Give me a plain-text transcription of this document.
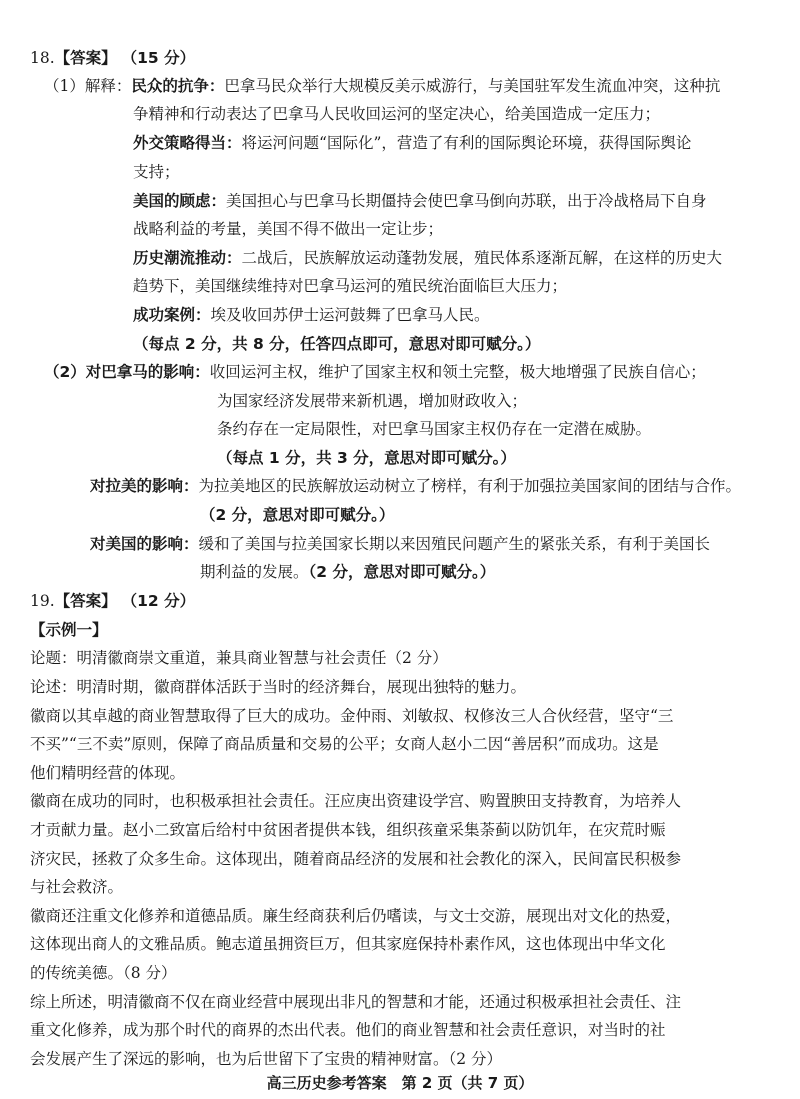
18.【答案】 （15 分）
（1）解释：民众的抗争：巴拿马民众举行大规模反美示威游行，与美国驻军发生流血冲突，这种抗
争精神和行动表达了巴拿马人民收回运河的坚定决心，给美国造成一定压力；
外交策略得当：将运河问题“国际化”，营造了有利的国际舆论环境，获得国际舆论
支持；
美国的顾虑：美国担心与巴拿马长期僵持会使巴拿马倒向苏联，出于冷战格局下自身
战略利益的考量，美国不得不做出一定让步；
历史潮流推动：二战后，民族解放运动蓬勃发展，殖民体系逐渐瓦解，在这样的历史大
趋势下，美国继续维持对巴拿马运河的殖民统治面临巨大压力；
成功案例：埃及收回苏伊士运河鼓舞了巴拿马人民。
（每点 2 分，共 8 分，任答四点即可，意思对即可赋分。）
（2）对巴拿马的影响：收回运河主权，维护了国家主权和领土完整，极大地增强了民族自信心；
为国家经济发展带来新机遇，增加财政收入；
条约存在一定局限性，对巴拿马国家主权仍存在一定潜在威胁。
（每点 1 分，共 3 分，意思对即可赋分。）
对拉美的影响：为拉美地区的民族解放运动树立了榜样，有利于加强拉美国家间的团结与合作。
（2 分，意思对即可赋分。）
对美国的影响：缓和了美国与拉美国家长期以来因殖民问题产生的紧张关系，有利于美国长
期利益的发展。（2 分，意思对即可赋分。）
19.【答案】 （12 分）
【示例一】
论题：明清徽商崇文重道，兼具商业智慧与社会责任（2 分）
论述：明清时期，徽商群体活跃于当时的经济舞台，展现出独特的魅力。
徽商以其卓越的商业智慧取得了巨大的成功。金仲雨、刘敏叔、权修汝三人合伙经营，坚守“三
不买”“三不卖”原则，保障了商品质量和交易的公平；女商人赵小二因“善居积”而成功。这是
他们精明经营的体现。
徽商在成功的同时，也积极承担社会责任。汪应庚出资建设学宫、购置腴田支持教育，为培养人
才贡献力量。赵小二致富后给村中贫困者提供本钱，组织孩童采集荼蓟以防饥年，在灾荒时赈
济灾民，拯救了众多生命。这体现出，随着商品经济的发展和社会教化的深入，民间富民积极参
与社会救济。
徽商还注重文化修养和道德品质。廉生经商获利后仍嗜读，与文士交游，展现出对文化的热爱，
这体现出商人的文雅品质。鲍志道虽拥资巨万，但其家庭保持朴素作风，这也体现出中华文化
的传统美德。（8 分）
综上所述，明清徽商不仅在商业经营中展现出非凡的智慧和才能，还通过积极承担社会责任、注
重文化修养，成为那个时代的商界的杰出代表。他们的商业智慧和社会责任意识，对当时的社
会发展产生了深远的影响，也为后世留下了宝贵的精神财富。（2 分）
高三历史参考答案　第 2 页（共 7 页）
